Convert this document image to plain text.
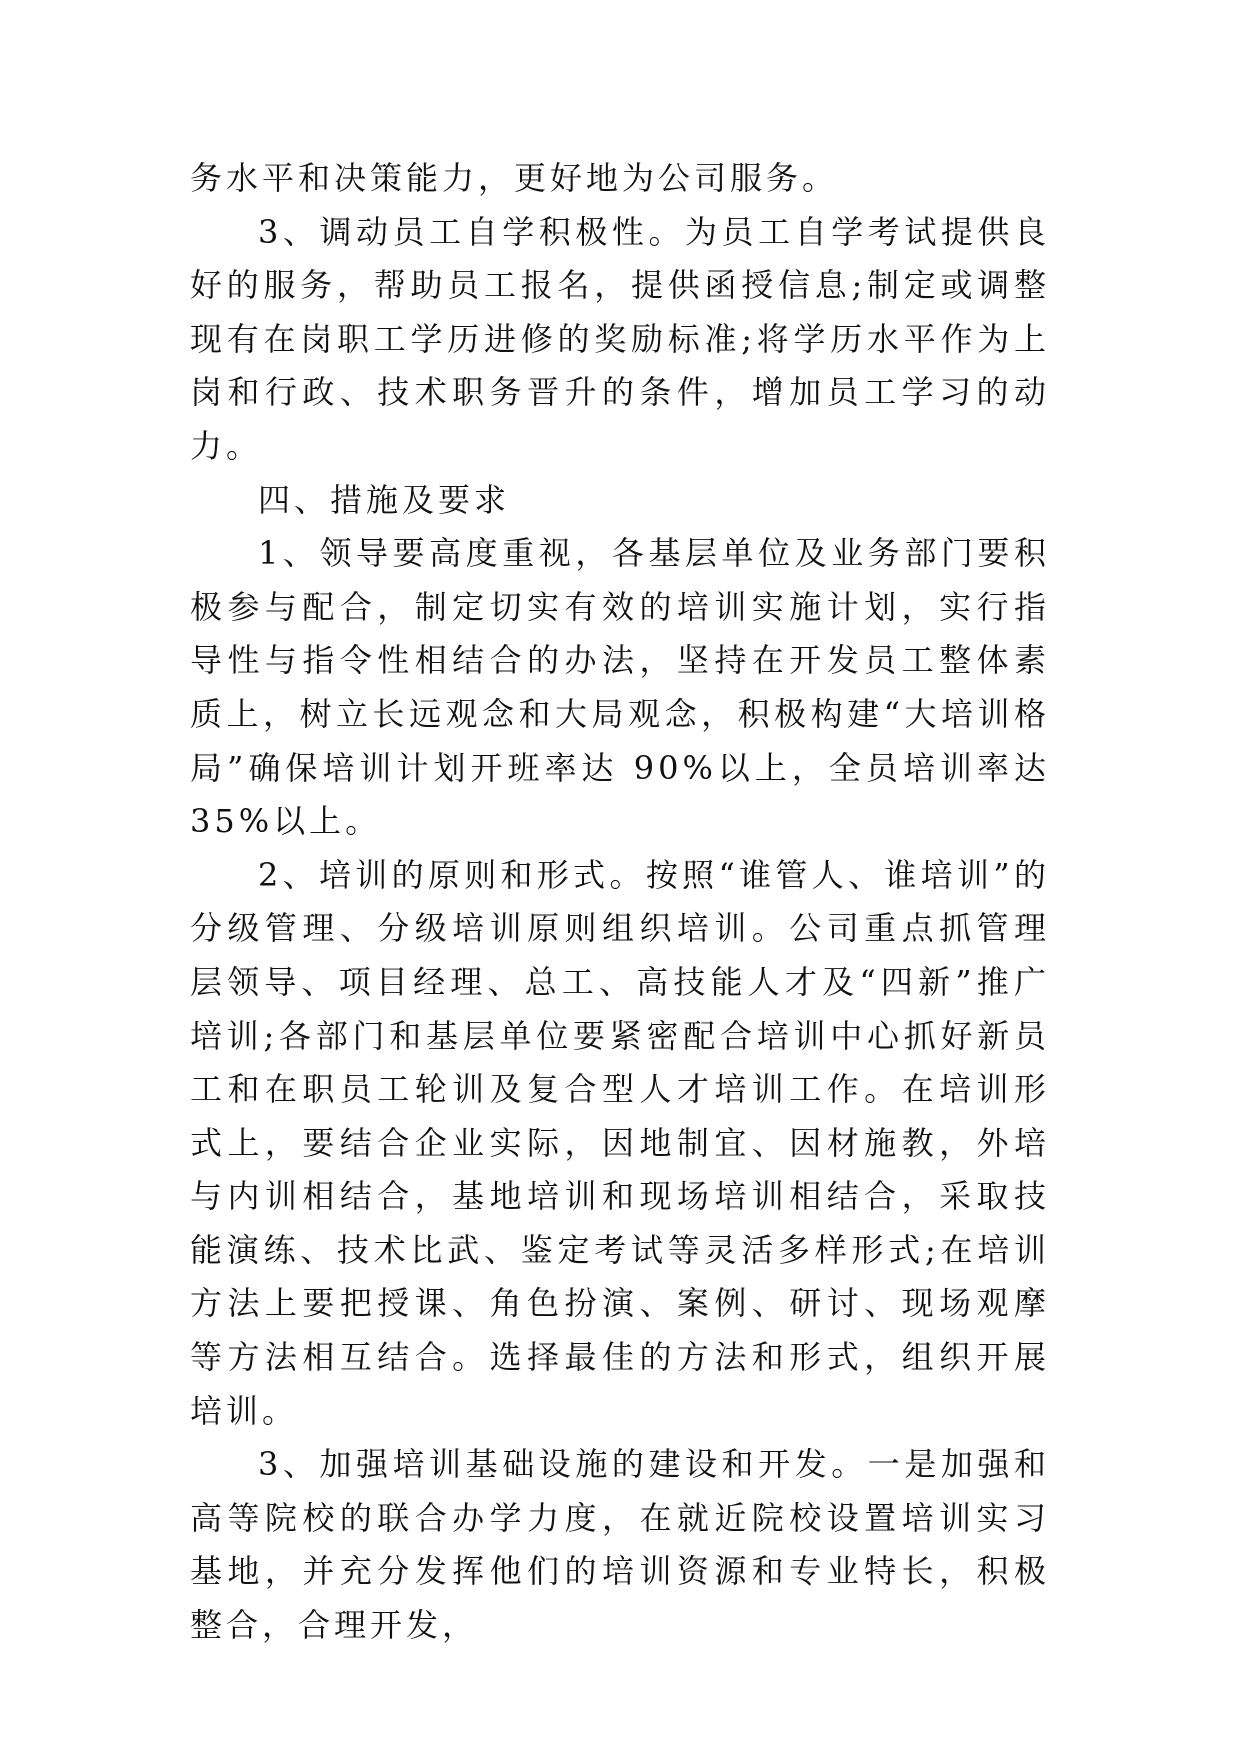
务水平和决策能力，更好地为公司服务。

3、调动员工自学积极性。为员工自学考试提供良好的服务，帮助员工报名，提供函授信息;制定或调整现有在岗职工学历进修的奖励标准;将学历水平作为上岗和行政、技术职务晋升的条件，增加员工学习的动力。

四、措施及要求

1、领导要高度重视，各基层单位及业务部门要积极参与配合，制定切实有效的培训实施计划，实行指导性与指令性相结合的办法，坚持在开发员工整体素质上，树立长远观念和大局观念，积极构建“大培训格局”确保培训计划开班率达 90%以上，全员培训率达 35%以上。

2、培训的原则和形式。按照“谁管人、谁培训”的分级管理、分级培训原则组织培训。公司重点抓管理层领导、项目经理、总工、高技能人才及“四新”推广培训;各部门和基层单位要紧密配合培训中心抓好新员工和在职员工轮训及复合型人才培训工作。在培训形式上，要结合企业实际，因地制宜、因材施教，外培与内训相结合，基地培训和现场培训相结合，采取技能演练、技术比武、鉴定考试等灵活多样形式;在培训方法上要把授课、角色扮演、案例、研讨、现场观摩等方法相互结合。选择最佳的方法和形式，组织开展培训。

3、加强培训基础设施的建设和开发。一是加强和高等院校的联合办学力度，在就近院校设置培训实习基地，并充分发挥他们的培训资源和专业特长，积极整合，合理开发，
